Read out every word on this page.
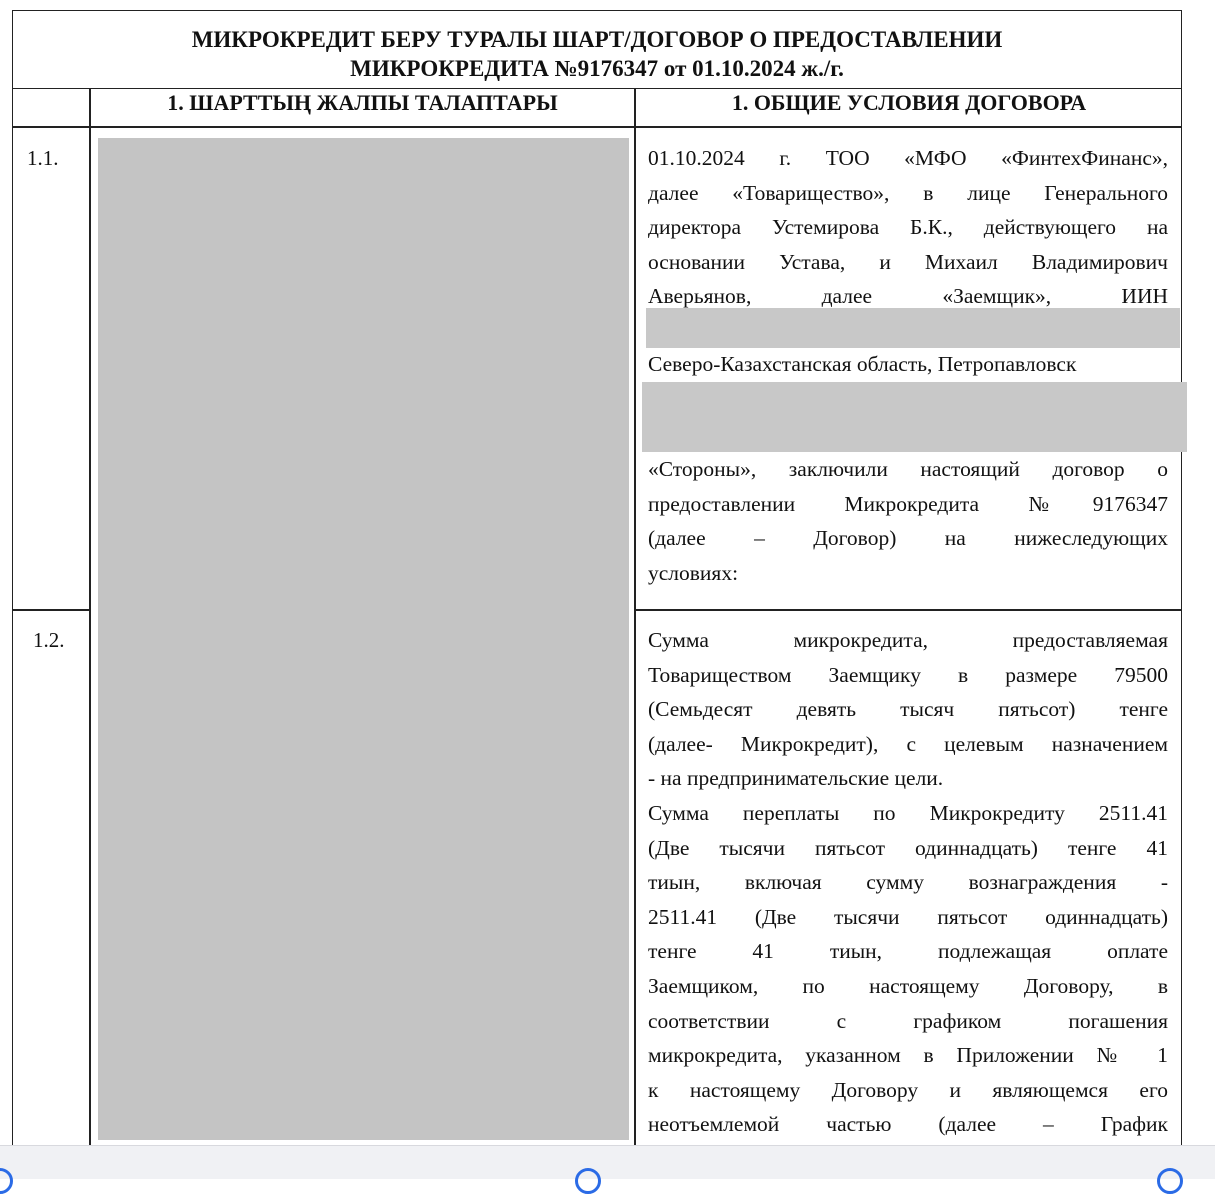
МИКРОКРЕДИТ БЕРУ ТУРАЛЫ ШАРТ/ДОГОВОР О ПРЕДОСТАВЛЕНИИ
МИКРОКРЕДИТА №9176347 от 01.10.2024 ж./г.
1. ШАРТТЫҢ ЖАЛПЫ ТАЛАПТАРЫ	1. ОБЩИЕ УСЛОВИЯ ДОГОВОРА
1.1.
1.2.
01.10.2024 г. ТОО «МФО «ФинтехФинанс»,
далее «Товарищество», в лице Генерального
директора Устемирова Б.К., действующего на
основании Устава, и Михаил Владимирович
Аверьянов, далее «Заемщик», ИИН
Северо-Казахстанская область, Петропавловск
«Стороны», заключили настоящий договор о
предоставлении Микрокредита №9176347
(далее – Договор) на нижеследующих
условиях:
Сумма микрокредита, предоставляемая
Товариществом Заемщику в размере 79500
(Семьдесят девять тысяч пятьсот) тенге
(далее- Микрокредит), с целевым назначением
- на предпринимательские цели.
Сумма переплаты по Микрокредиту 2511.41
(Две тысячи пятьсот одиннадцать) тенге 41
тиын, включая сумму вознаграждения -
2511.41 (Две тысячи пятьсот одиннадцать)
тенге 41 тиын, подлежащая оплате
Заемщиком, по настоящему Договору, в
соответствии с графиком погашения
микрокредита, указанном в Приложении № 1
к настоящему Договору и являющемся его
неотъемлемой частью (далее – График
